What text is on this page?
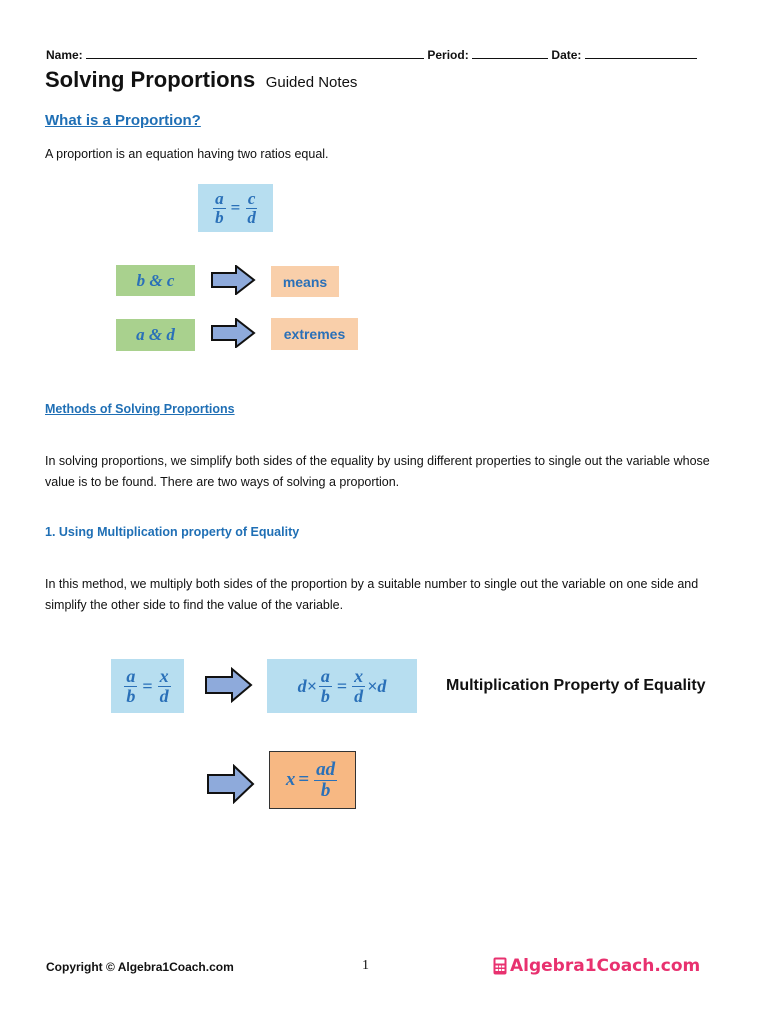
Name:	Period:	Date:
Solving Proportions Guided Notes
What is a Proportion?
A proportion is an equation having two ratios equal.
$\frac{a}{b} = \frac{c}{d}$
b & c	means
a & d	extremes
Methods of Solving Proportions
In solving proportions, we simplify both sides of the equality by using different properties to single out the variable whose value is to be found. There are two ways of solving a proportion.
1. Using Multiplication property of Equality
In this method, we multiply both sides of the proportion by a suitable number to single out the variable on one side and simplify the other side to find the value of the variable.
$\frac{a}{b} = \frac{x}{d}$	$d\times \frac{a}{b} = \frac{x}{d} \times d$	Multiplication Property of Equality
$x = \frac{ad}{b}$
Copyright © Algebra1Coach.com	1	Algebra1Coach.com
